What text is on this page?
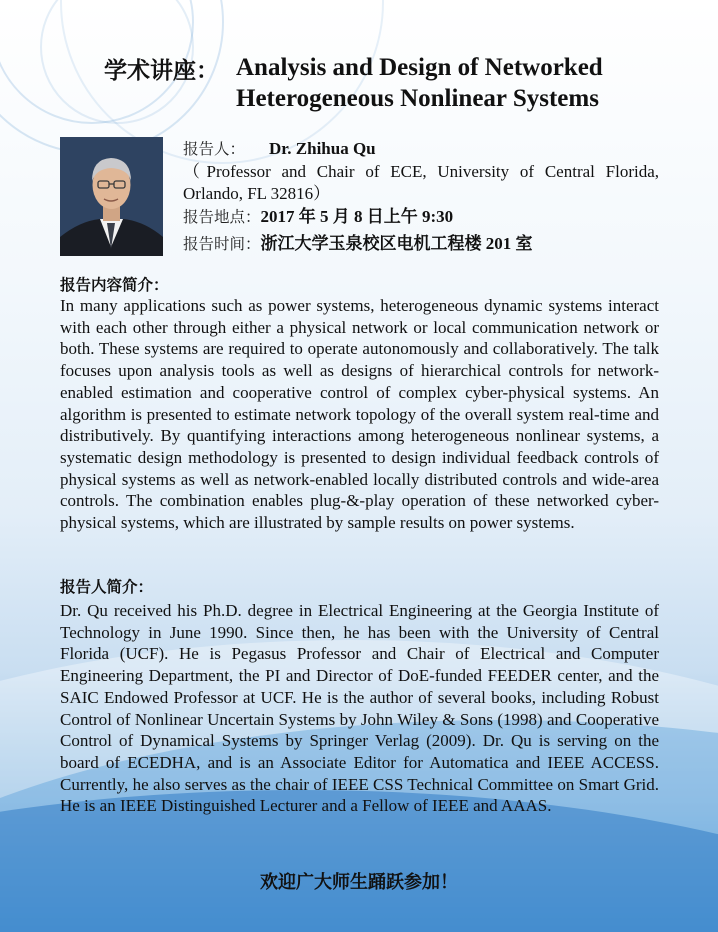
学术讲座： Analysis and Design of Networked
Heterogeneous Nonlinear Systems
报告人： Dr. Zhihua Qu
（Professor and Chair of ECE, University of Central Florida,
Orlando, FL 32816）
报告地点：2017 年 5 月 8 日上午 9:30
报告时间：浙江大学玉泉校区电机工程楼 201 室
报告内容简介：
In many applications such as power systems, heterogeneous dynamic systems interact with each other through either a physical network or local communication network or both. These systems are required to operate autonomously and collaboratively. The talk focuses upon analysis tools as well as designs of hierarchical controls for network-enabled estimation and cooperative control of complex cyber-physical systems. An algorithm is presented to estimate network topology of the overall system real-time and distributively. By quantifying interactions among heterogeneous nonlinear systems, a systematic design methodology is presented to design individual feedback controls of physical systems as well as network-enabled locally distributed controls and wide-area controls. The combination enables plug-&-play operation of these networked cyber-physical systems, which are illustrated by sample results on power systems.
报告人简介：
Dr. Qu received his Ph.D. degree in Electrical Engineering at the Georgia Institute of Technology in June 1990. Since then, he has been with the University of Central Florida (UCF). He is Pegasus Professor and Chair of Electrical and Computer Engineering Department, the PI and Director of DoE-funded FEEDER center, and the SAIC Endowed Professor at UCF. He is the author of several books, including Robust Control of Nonlinear Uncertain Systems by John Wiley & Sons (1998) and Cooperative Control of Dynamical Systems by Springer Verlag (2009). Dr. Qu is serving on the board of ECEDHA, and is an Associate Editor for Automatica and IEEE ACCESS. Currently, he also serves as the chair of IEEE CSS Technical Committee on Smart Grid. He is an IEEE Distinguished Lecturer and a Fellow of IEEE and AAAS.
欢迎广大师生踊跃参加！
